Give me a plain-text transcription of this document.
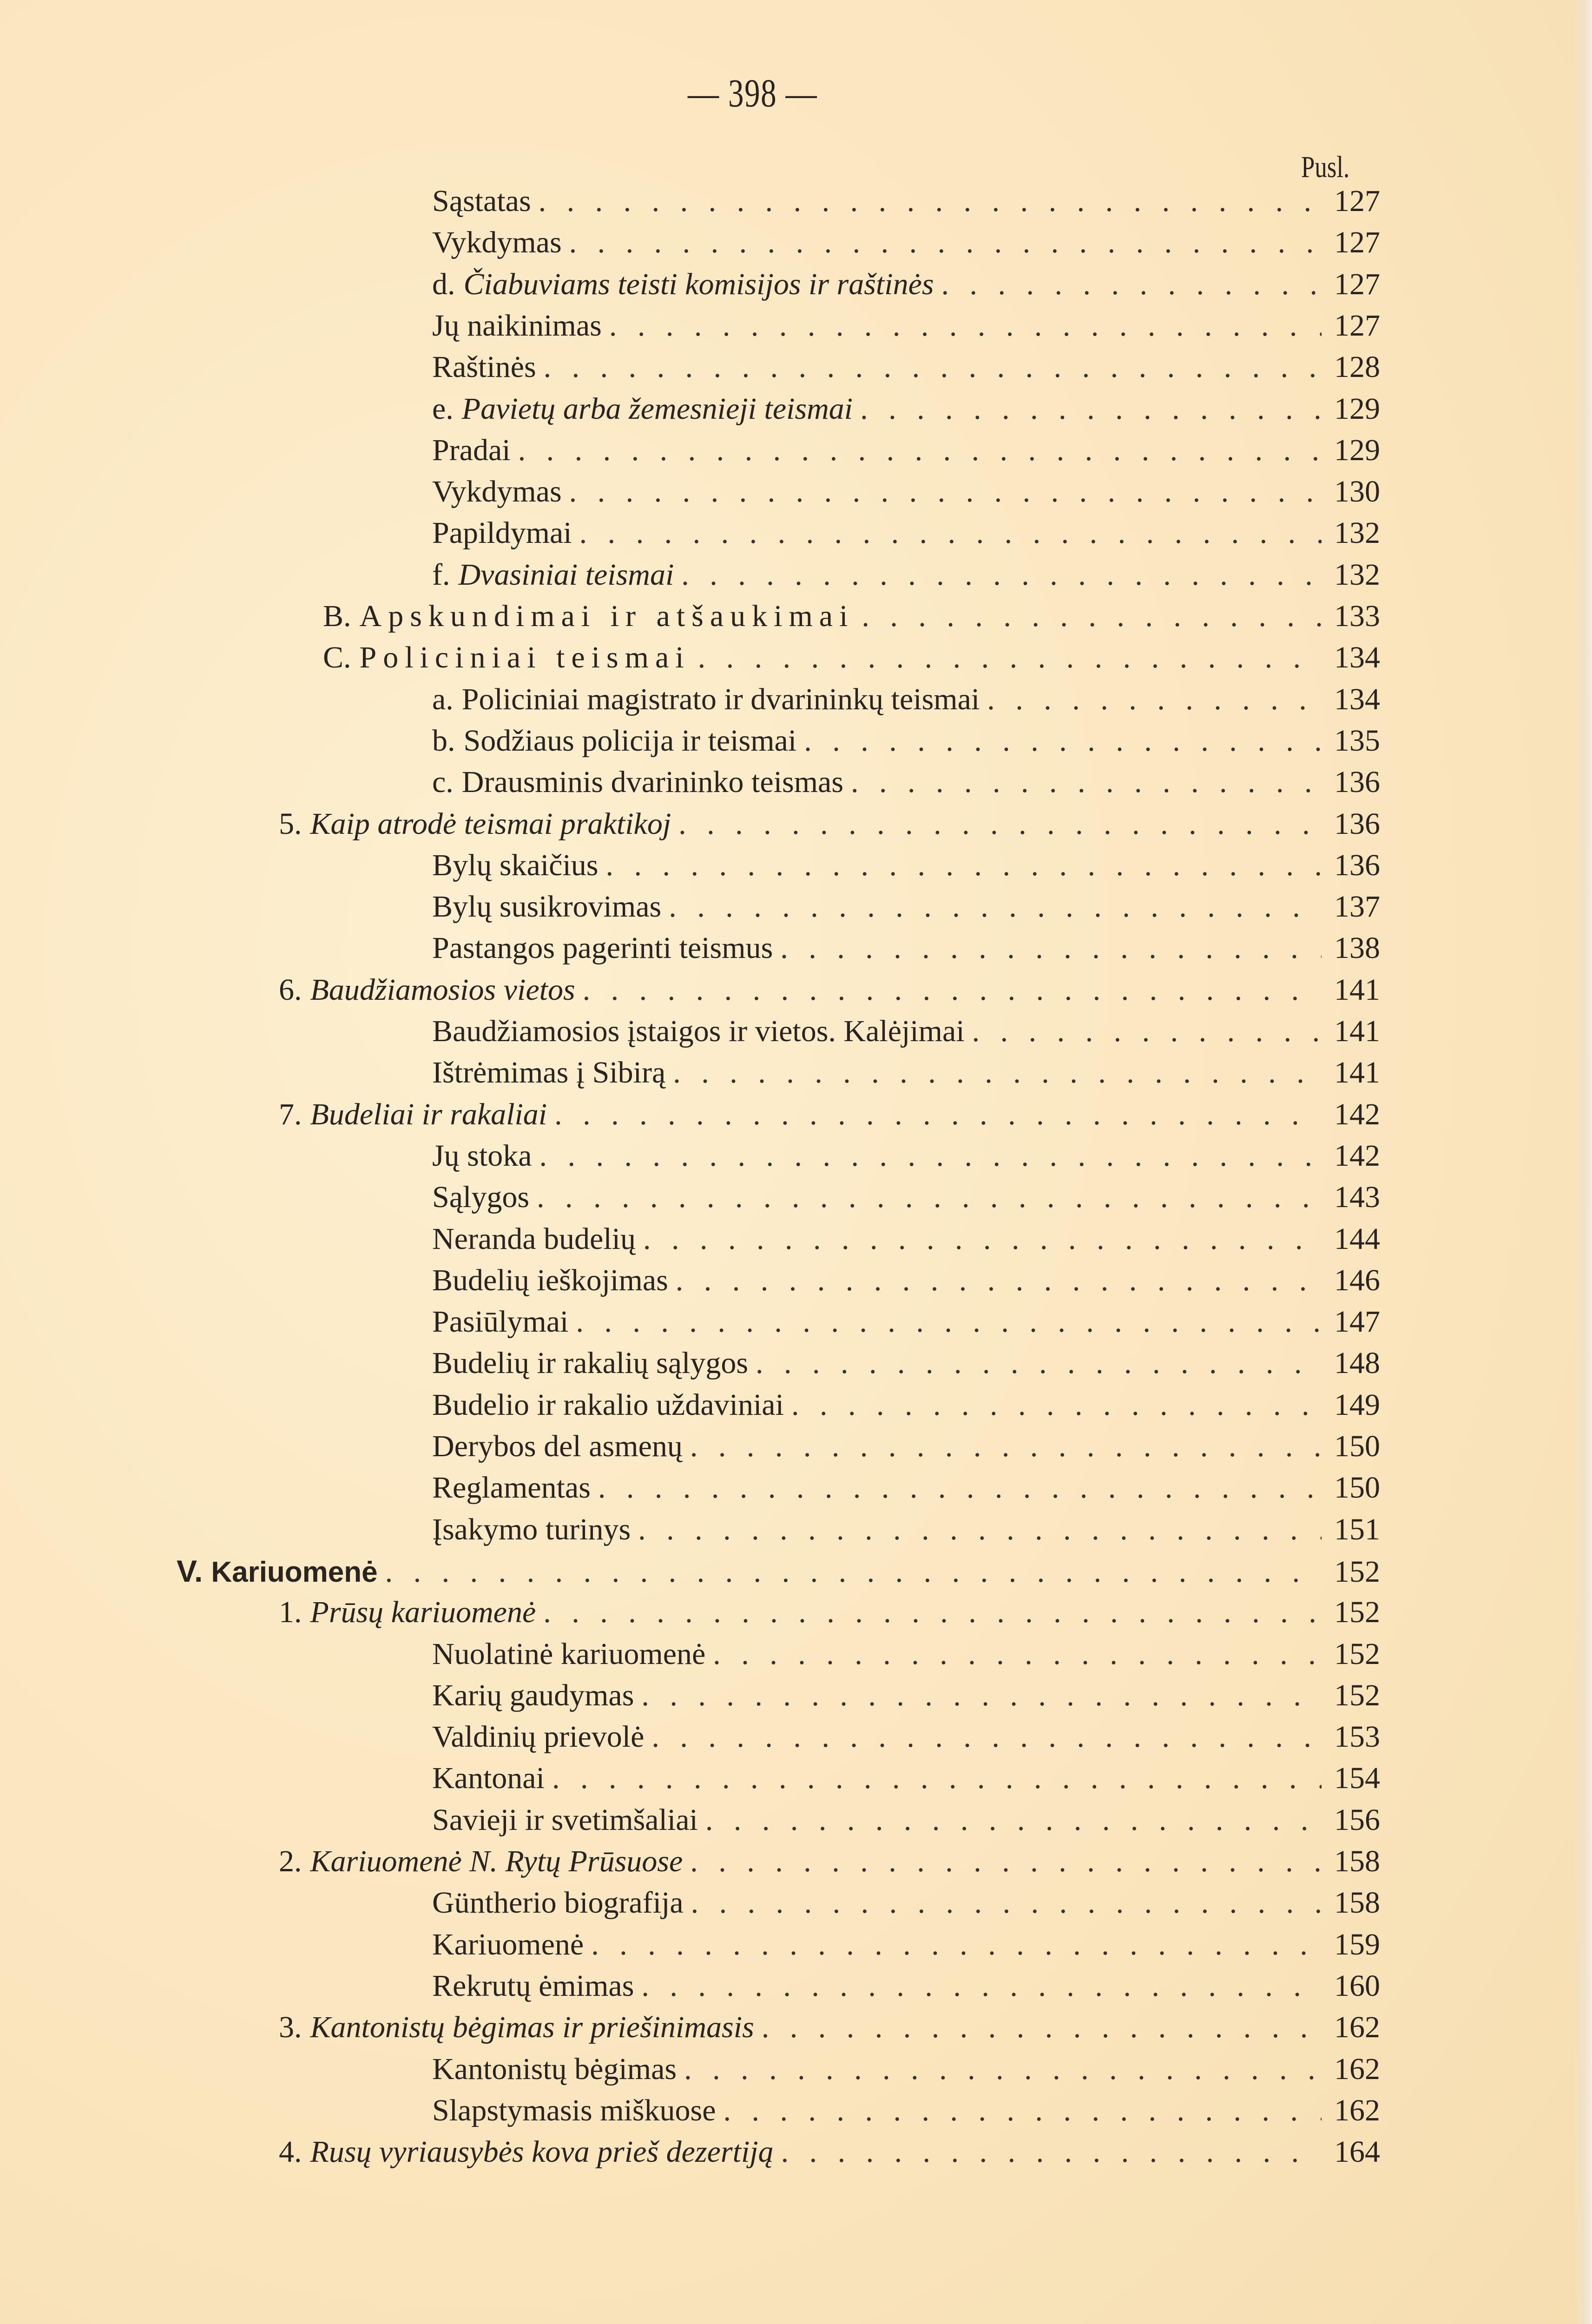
— 398 —
Pusl.
Sąstatas . . .	127
Vykdymas . . .	127
d. Čiabuviams teisti komisijos ir raštinės . . .	127
Jų naikinimas . . .	127
Raštinės . . .	128
e. Pavietų arba žemesnieji teismai . . .	129
Pradai . . .	129
Vykdymas . . .	130
Papildymai . . .	132
f. Dvasiniai teismai . . .	132
B. Apskundimai ir atšaukimai . . .	133
C. Policiniai teismai . . .	134
a. Policiniai magistrato ir dvarininkų teismai . . .	134
b. Sodžiaus policija ir teismai . . .	135
c. Drausminis dvarininko teismas . . .	136
5. Kaip atrodė teismai praktikoj . . .	136
Bylų skaičius . . .	136
Bylų susikrovimas . . .	137
Pastangos pagerinti teismus . . .	138
6. Baudžiamosios vietos . . .	141
Baudžiamosios įstaigos ir vietos. Kalėjimai . . .	141
Ištrėmimas į Sibirą . . .	141
7. Budeliai ir rakaliai . . .	142
Jų stoka . . .	142
Sąlygos . . .	143
Neranda budelių . . .	144
Budelių ieškojimas . . .	146
Pasiūlymai . . .	147
Budelių ir rakalių sąlygos . . .	148
Budelio ir rakalio uždaviniai . . .	149
Derybos del asmenų . . .	150
Reglamentas . . .	150
Įsakymo turinys . . .	151
V. Kariuomenė . . .	152
1. Prūsų kariuomenė . . .	152
Nuolatinė kariuomenė . . .	152
Karių gaudymas . . .	152
Valdinių prievolė . . .	153
Kantonai . . .	154
Savieji ir svetimšaliai . . .	156
2. Kariuomenė N. Rytų Prūsuose . . .	158
Güntherio biografija . . .	158
Kariuomenė . . .	159
Rekrutų ėmimas . . .	160
3. Kantonistų bėgimas ir priešinimasis . . .	162
Kantonistų bėgimas . . .	162
Slapstymasis miškuose . . .	162
4. Rusų vyriausybės kova prieš dezertiją . . .	164
